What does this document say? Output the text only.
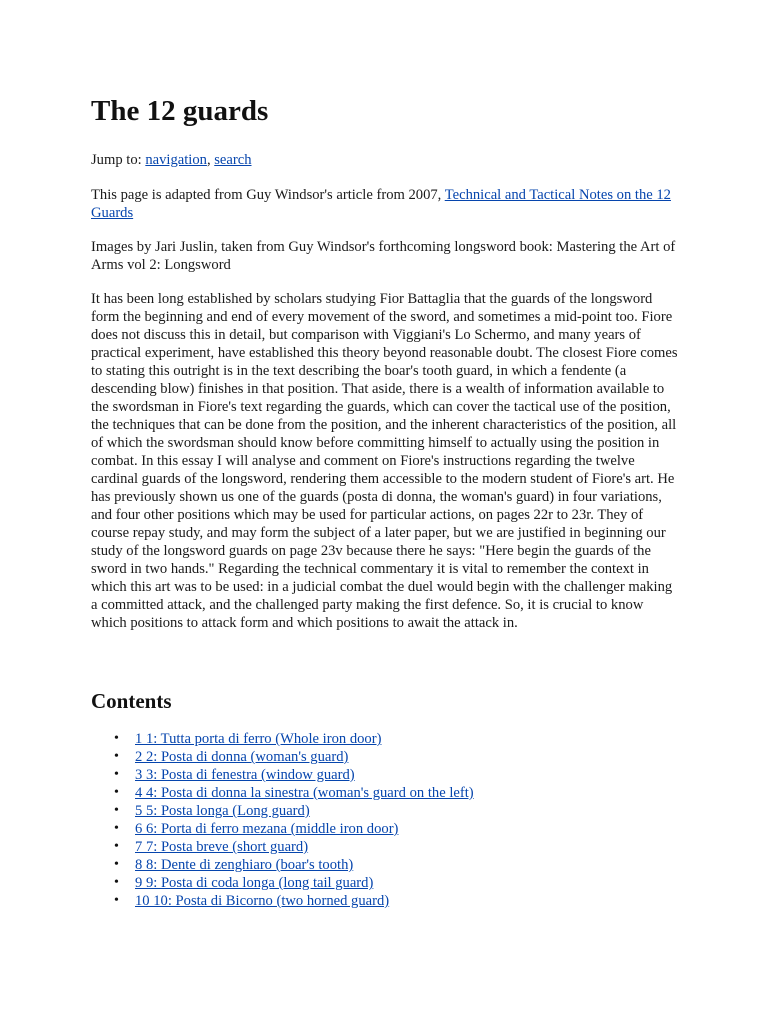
The 12 guards

Jump to: navigation, search

This page is adapted from Guy Windsor's article from 2007, Technical and Tactical Notes on the 12 Guards

Images by Jari Juslin, taken from Guy Windsor's forthcoming longsword book: Mastering the Art of Arms vol 2: Longsword

It has been long established by scholars studying Fior Battaglia that the guards of the longsword form the beginning and end of every movement of the sword, and sometimes a mid-point too. Fiore does not discuss this in detail, but comparison with Viggiani's Lo Schermo, and many years of practical experiment, have established this theory beyond reasonable doubt. The closest Fiore comes to stating this outright is in the text describing the boar's tooth guard, in which a fendente (a descending blow) finishes in that position. That aside, there is a wealth of information available to the swordsman in Fiore's text regarding the guards, which can cover the tactical use of the position, the techniques that can be done from the position, and the inherent characteristics of the position, all of which the swordsman should know before committing himself to actually using the position in combat. In this essay I will analyse and comment on Fiore's instructions regarding the twelve cardinal guards of the longsword, rendering them accessible to the modern student of Fiore's art. He has previously shown us one of the guards (posta di donna, the woman's guard) in four variations, and four other positions which may be used for particular actions, on pages 22r to 23r. They of course repay study, and may form the subject of a later paper, but we are justified in beginning our study of the longsword guards on page 23v because there he says: "Here begin the guards of the sword in two hands." Regarding the technical commentary it is vital to remember the context in which this art was to be used: in a judicial combat the duel would begin with the challenger making a committed attack, and the challenged party making the first defence. So, it is crucial to know which positions to attack form and which positions to await the attack in.

Contents
• 1 1: Tutta porta di ferro (Whole iron door)
• 2 2: Posta di donna (woman's guard)
• 3 3: Posta di fenestra (window guard)
• 4 4: Posta di donna la sinestra (woman's guard on the left)
• 5 5: Posta longa (Long guard)
• 6 6: Porta di ferro mezana (middle iron door)
• 7 7: Posta breve (short guard)
• 8 8: Dente di zenghiaro (boar's tooth)
• 9 9: Posta di coda longa (long tail guard)
• 10 10: Posta di Bicorno (two horned guard)
